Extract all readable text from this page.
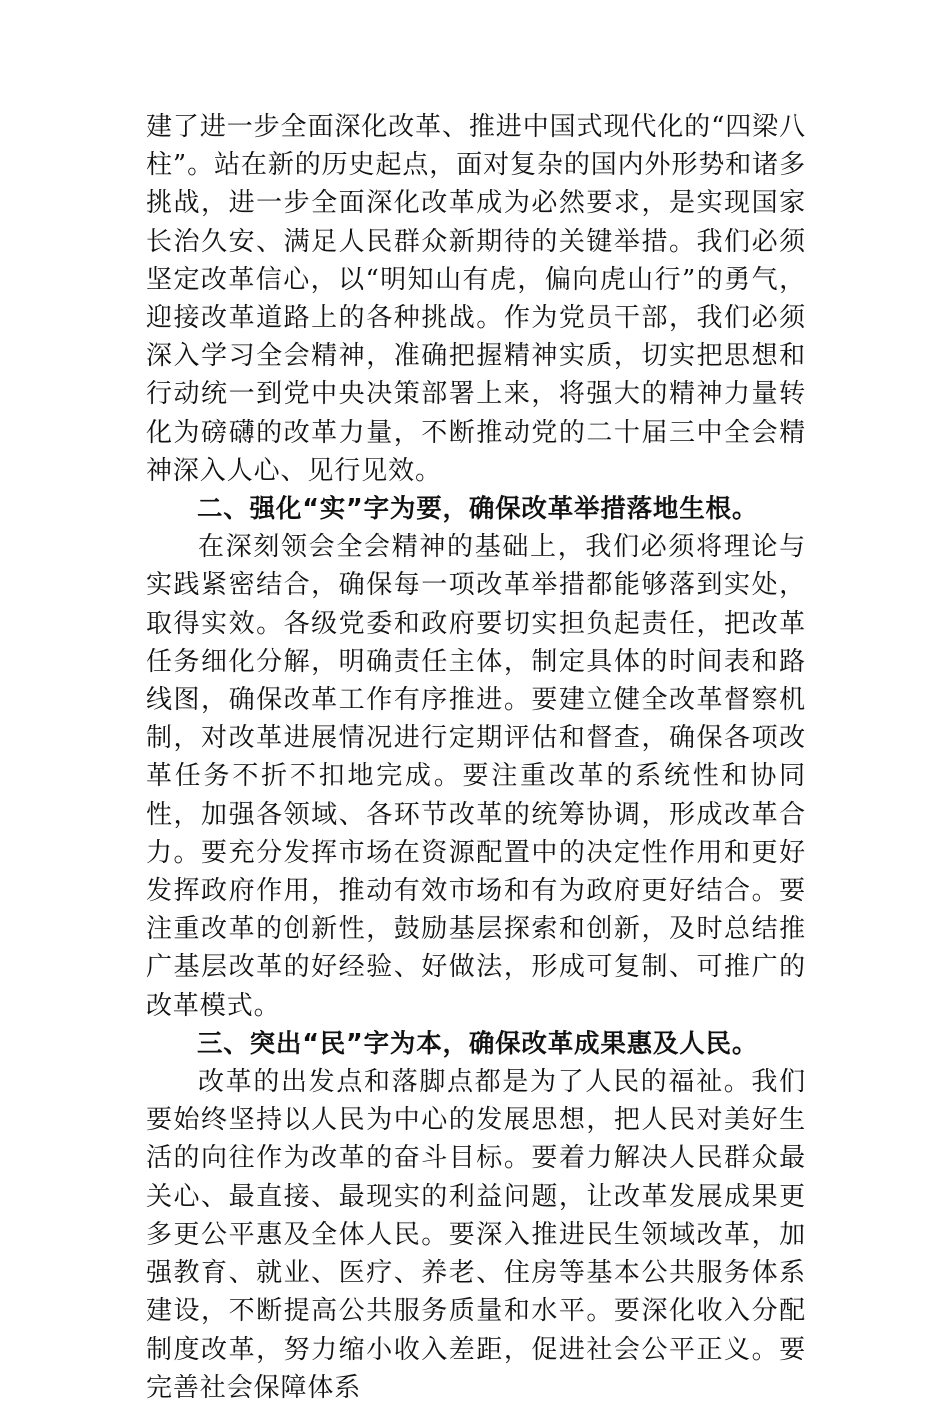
建了进一步全面深化改革、推进中国式现代化的“四梁八柱”。站在新的历史起点，面对复杂的国内外形势和诸多挑战，进一步全面深化改革成为必然要求，是实现国家长治久安、满足人民群众新期待的关键举措。我们必须坚定改革信心，以“明知山有虎，偏向虎山行”的勇气，迎接改革道路上的各种挑战。作为党员干部，我们必须深入学习全会精神，准确把握精神实质，切实把思想和行动统一到党中央决策部署上来，将强大的精神力量转化为磅礴的改革力量，不断推动党的二十届三中全会精神深入人心、见行见效。

二、强化“实”字为要，确保改革举措落地生根。

在深刻领会全会精神的基础上，我们必须将理论与实践紧密结合，确保每一项改革举措都能够落到实处，取得实效。各级党委和政府要切实担负起责任，把改革任务细化分解，明确责任主体，制定具体的时间表和路线图，确保改革工作有序推进。要建立健全改革督察机制，对改革进展情况进行定期评估和督查，确保各项改革任务不折不扣地完成。要注重改革的系统性和协同性，加强各领域、各环节改革的统筹协调，形成改革合力。要充分发挥市场在资源配置中的决定性作用和更好发挥政府作用，推动有效市场和有为政府更好结合。要注重改革的创新性，鼓励基层探索和创新，及时总结推广基层改革的好经验、好做法，形成可复制、可推广的改革模式。

三、突出“民”字为本，确保改革成果惠及人民。

改革的出发点和落脚点都是为了人民的福祉。我们要始终坚持以人民为中心的发展思想，把人民对美好生活的向往作为改革的奋斗目标。要着力解决人民群众最关心、最直接、最现实的利益问题，让改革发展成果更多更公平惠及全体人民。要深入推进民生领域改革，加强教育、就业、医疗、养老、住房等基本公共服务体系建设，不断提高公共服务质量和水平。要深化收入分配制度改革，努力缩小收入差距，促进社会公平正义。要完善社会保障体系
